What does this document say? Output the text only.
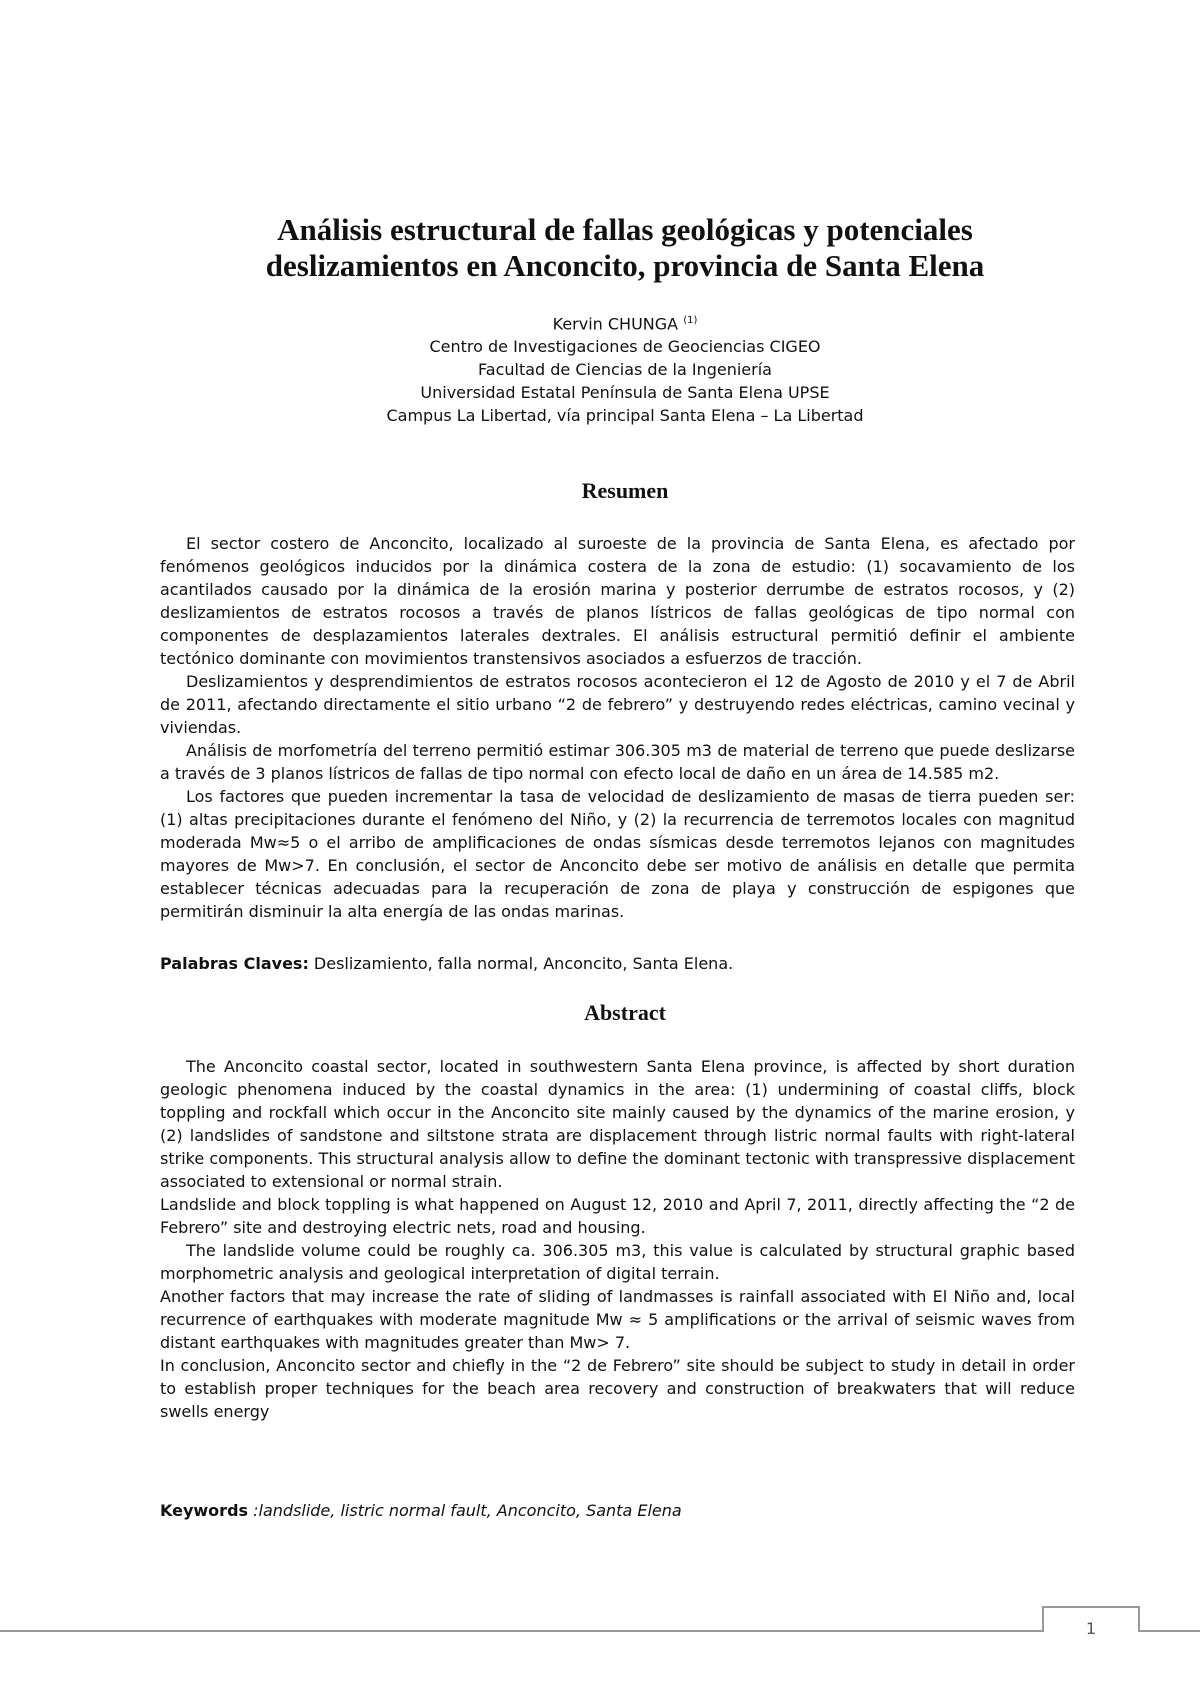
Análisis estructural de fallas geológicas y potenciales
deslizamientos en Anconcito, provincia de Santa Elena
Kervin CHUNGA $^{(1)}$
Centro de Investigaciones de Geociencias CIGEO
Facultad de Ciencias de la Ingeniería
Universidad Estatal Península de Santa Elena UPSE
Campus La Libertad, vía principal Santa Elena – La Libertad
Resumen

El sector costero de Anconcito, localizado al suroeste de la provincia de Santa Elena, es afectado por fenómenos geológicos inducidos por la dinámica costera de la zona de estudio: (1) socavamiento de los acantilados causado por la dinámica de la erosión marina y posterior derrumbe de estratos rocosos, y (2) deslizamientos de estratos rocosos a través de planos lístricos de fallas geológicas de tipo normal con componentes de desplazamientos laterales dextrales. El análisis estructural permitió definir el ambiente tectónico dominante con movimientos transtensivos asociados a esfuerzos de tracción.

Deslizamientos y desprendimientos de estratos rocosos acontecieron el 12 de Agosto de 2010 y el 7 de Abril de 2011, afectando directamente el sitio urbano “2 de febrero” y destruyendo redes eléctricas, camino vecinal y viviendas.

Análisis de morfometría del terreno permitió estimar 306.305 m3 de material de terreno que puede deslizarse a través de 3 planos lístricos de fallas de tipo normal con efecto local de daño en un área de 14.585 m2.

Los factores que pueden incrementar la tasa de velocidad de deslizamiento de masas de tierra pueden ser: (1) altas precipitaciones durante el fenómeno del Niño, y (2) la recurrencia de terremotos locales con magnitud moderada Mw≈5 o el arribo de amplificaciones de ondas sísmicas desde terremotos lejanos con magnitudes mayores de Mw>7. En conclusión, el sector de Anconcito debe ser motivo de análisis en detalle que permita establecer técnicas adecuadas para la recuperación de zona de playa y construcción de espigones que permitirán disminuir la alta energía de las ondas marinas.

Palabras Claves: Deslizamiento, falla normal, Anconcito, Santa Elena.
Abstract

The Anconcito coastal sector, located in southwestern Santa Elena province, is affected by short duration geologic phenomena induced by the coastal dynamics in the area: (1) undermining of coastal cliffs, block toppling and rockfall which occur in the Anconcito site mainly caused by the dynamics of the marine erosion, y (2) landslides of sandstone and siltstone strata are displacement through listric normal faults with right-lateral strike components. This structural analysis allow to define the dominant tectonic with transpressive displacement associated to extensional or normal strain.

Landslide and block toppling is what happened on August 12, 2010 and April 7, 2011, directly affecting the “2 de Febrero” site and destroying electric nets, road and housing.

The landslide volume could be roughly ca. 306.305 m3, this value is calculated by structural graphic based morphometric analysis and geological interpretation of digital terrain.

Another factors that may increase the rate of sliding of landmasses is rainfall associated with El Niño and, local recurrence of earthquakes with moderate magnitude Mw ≈ 5 amplifications or the arrival of seismic waves from distant earthquakes with magnitudes greater than Mw> 7.

In conclusion, Anconcito sector and chiefly in the “2 de Febrero” site should be subject to study in detail in order to establish proper techniques for the beach area recovery and construction of breakwaters that will reduce swells energy

Keywords :landslide, listric normal fault, Anconcito, Santa Elena
1
